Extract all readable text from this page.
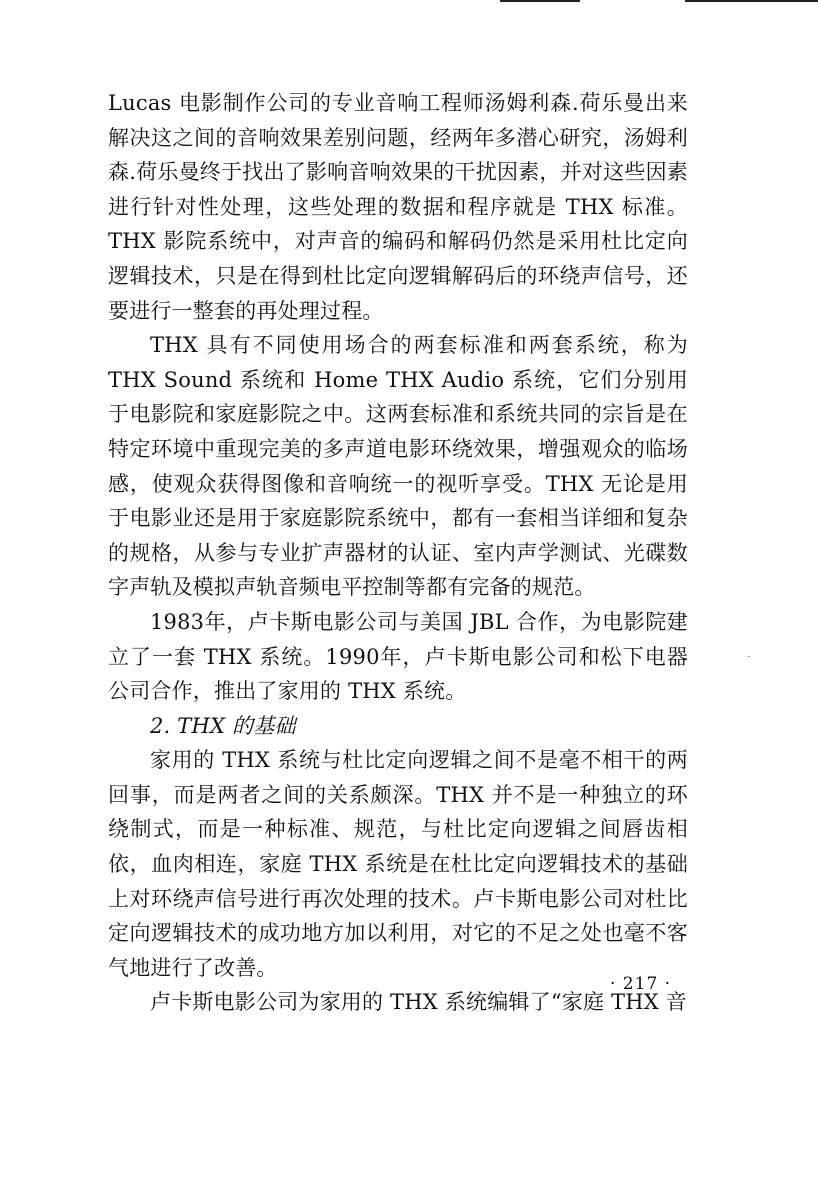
Lucas 电影制作公司的专业音响工程师汤姆利森.荷乐曼出来解决这之间的音响效果差别问题，经两年多潜心研究，汤姆利森.荷乐曼终于找出了影响音响效果的干扰因素，并对这些因素进行针对性处理，这些处理的数据和程序就是 THX 标准。THX 影院系统中，对声音的编码和解码仍然是采用杜比定向逻辑技术，只是在得到杜比定向逻辑解码后的环绕声信号，还要进行一整套的再处理过程。

THX 具有不同使用场合的两套标准和两套系统，称为 THX Sound 系统和 Home THX Audio 系统，它们分别用于电影院和家庭影院之中。这两套标准和系统共同的宗旨是在特定环境中重现完美的多声道电影环绕效果，增强观众的临场感，使观众获得图像和音响统一的视听享受。THX 无论是用于电影业还是用于家庭影院系统中，都有一套相当详细和复杂的规格，从参与专业扩声器材的认证、室内声学测试、光碟数字声轨及模拟声轨音频电平控制等都有完备的规范。

1983年，卢卡斯电影公司与美国 JBL 合作，为电影院建立了一套 THX 系统。1990年，卢卡斯电影公司和松下电器公司合作，推出了家用的 THX 系统。

2. THX 的基础

家用的 THX 系统与杜比定向逻辑之间不是毫不相干的两回事，而是两者之间的关系颇深。THX 并不是一种独立的环绕制式，而是一种标准、规范，与杜比定向逻辑之间唇齿相依，血肉相连，家庭 THX 系统是在杜比定向逻辑技术的基础上对环绕声信号进行再次处理的技术。卢卡斯电影公司对杜比定向逻辑技术的成功地方加以利用，对它的不足之处也毫不客气地进行了改善。

卢卡斯电影公司为家用的 THX 系统编辑了“家庭 THX 音

· 217 ·
